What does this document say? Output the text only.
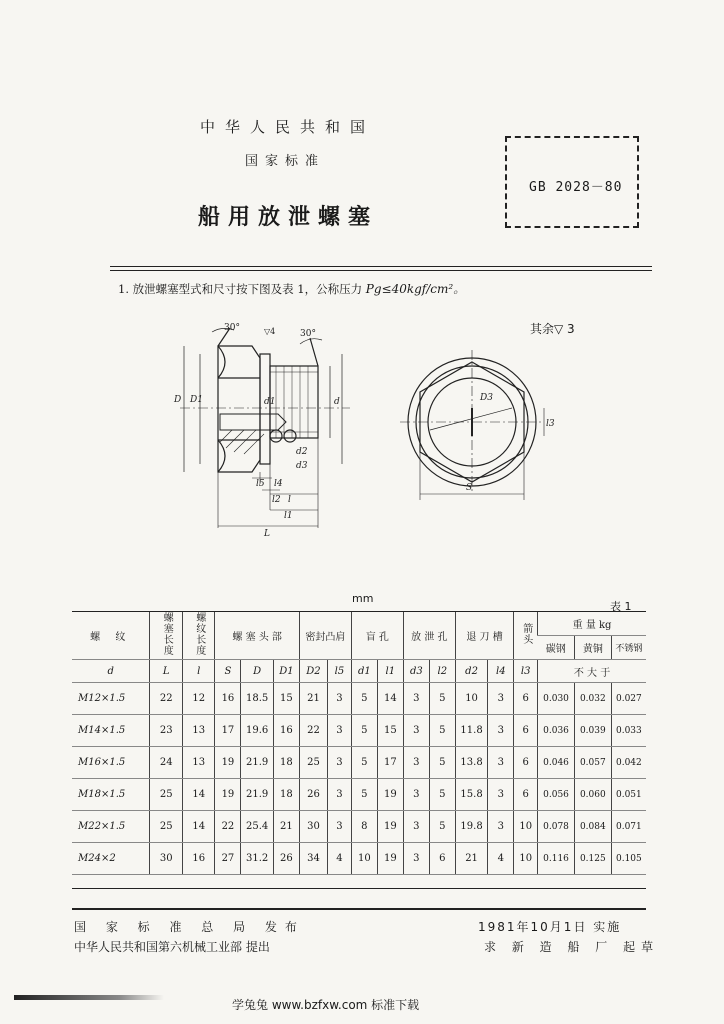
中华人民共和国
国家标准
船用放泄螺塞
GB 2028－80
1. 放泄螺塞型式和尺寸按下图及表 1，公称压力 Pg≤40kgf/cm²。
其余▽ 3
30°
30°
▽4
D D1	d1	d
d2
d3
l5 l4
l2 l
l1
L
D3
l3
S
mm
表 1
螺 纹	螺塞长度	螺纹长度	螺 塞 头 部			密封凸肩		盲 孔		放 泄 孔		退 刀 槽		箭头	重 量 kg		
															碳钢	黄铜	不锈钢
d	L	l	S	D	D1	D2	l5	d1	l1	d3	l2	d2	l4	l3	不 大 于		
M12×1.5	22	12	16	18.5	15	21	3	5	14	3	5	10	3	6	0.030	0.032	0.027
M14×1.5	23	13	17	19.6	16	22	3	5	15	3	5	11.8	3	6	0.036	0.039	0.033
M16×1.5	24	13	19	21.9	18	25	3	5	17	3	5	13.8	3	6	0.046	0.057	0.042
M18×1.5	25	14	19	21.9	18	26	3	5	19	3	5	15.8	3	6	0.056	0.060	0.051
M22×1.5	25	14	22	25.4	21	30	3	8	19	3	5	19.8	3	10	0.078	0.084	0.071
M24×2	30	16	27	31.2	26	34	4	10	19	3	6	21	4	10	0.116	0.125	0.105
国 家 标 准 总 局 发布
中华人民共和国第六机械工业部 提出
1981年10月1日 实施
求 新 造 船 厂 起草
学兔兔 www.bzfxw.com 标准下载
